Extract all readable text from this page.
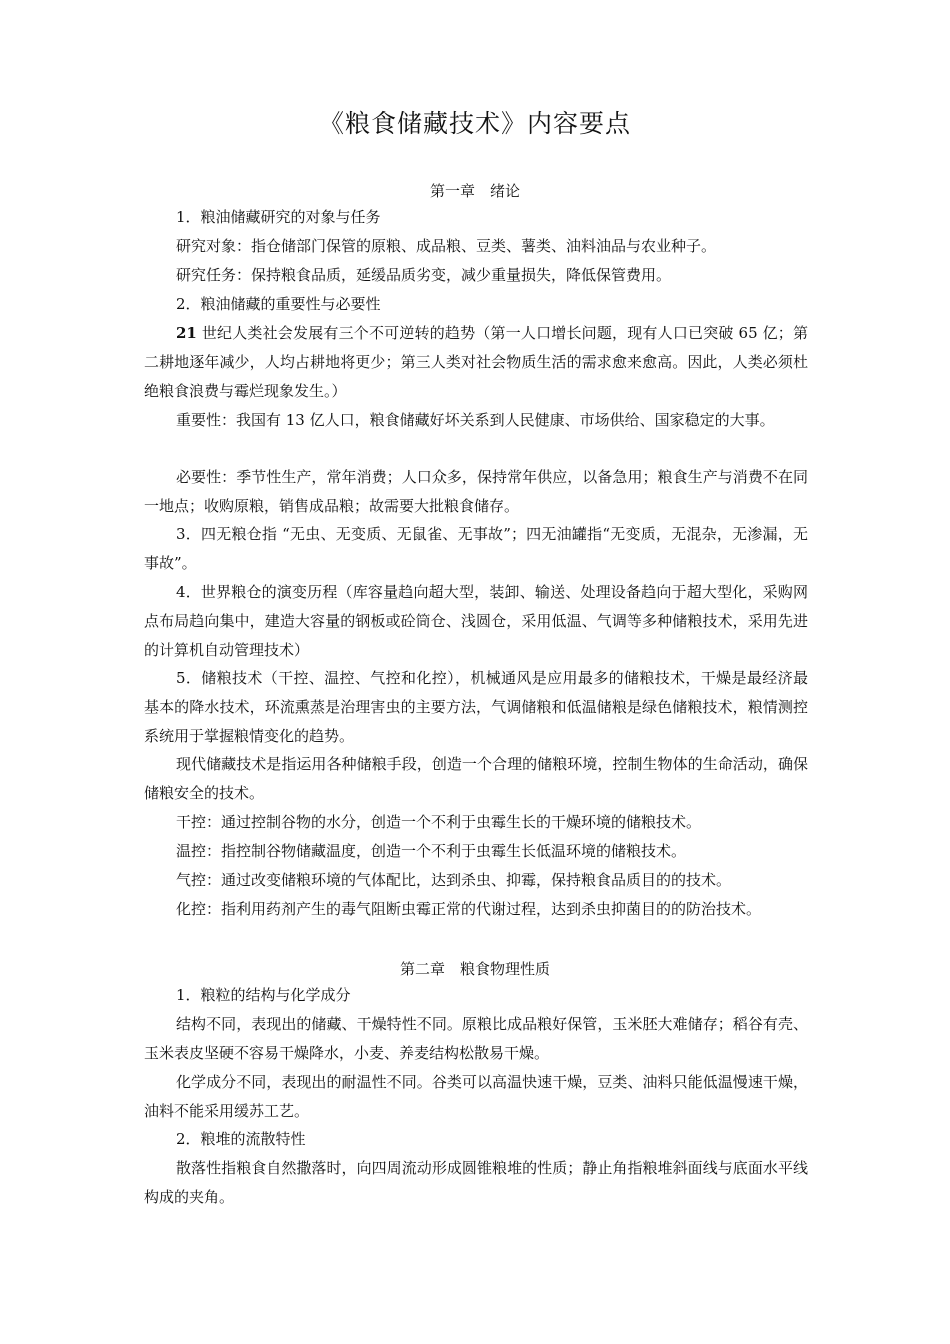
《粮食储藏技术》内容要点
第一章　绪论
1．粮油储藏研究的对象与任务
研究对象：指仓储部门保管的原粮、成品粮、豆类、薯类、油料油品与农业种子。
研究任务：保持粮食品质，延缓品质劣变，减少重量损失，降低保管费用。
2．粮油储藏的重要性与必要性
21 世纪人类社会发展有三个不可逆转的趋势（第一人口增长问题，现有人口已突破 65 亿；第二耕地逐年减少，人均占耕地将更少；第三人类对社会物质生活的需求愈来愈高。因此，人类必须杜绝粮食浪费与霉烂现象发生。）
重要性：我国有 13 亿人口，粮食储藏好坏关系到人民健康、市场供给、国家稳定的大事。
必要性：季节性生产，常年消费；人口众多，保持常年供应，以备急用；粮食生产与消费不在同一地点；收购原粮，销售成品粮；故需要大批粮食储存。
3．四无粮仓指 “无虫、无变质、无鼠雀、无事故”；四无油罐指“无变质，无混杂，无渗漏，无事故”。
4．世界粮仓的演变历程（库容量趋向超大型，装卸、输送、处理设备趋向于超大型化，采购网点布局趋向集中，建造大容量的钢板或砼筒仓、浅圆仓，采用低温、气调等多种储粮技术，采用先进的计算机自动管理技术）
5．储粮技术（干控、温控、气控和化控），机械通风是应用最多的储粮技术，干燥是最经济最基本的降水技术，环流熏蒸是治理害虫的主要方法，气调储粮和低温储粮是绿色储粮技术，粮情测控系统用于掌握粮情变化的趋势。
现代储藏技术是指运用各种储粮手段，创造一个合理的储粮环境，控制生物体的生命活动，确保储粮安全的技术。
干控：通过控制谷物的水分，创造一个不利于虫霉生长的干燥环境的储粮技术。
温控：指控制谷物储藏温度，创造一个不利于虫霉生长低温环境的储粮技术。
气控：通过改变储粮环境的气体配比，达到杀虫、抑霉，保持粮食品质目的的技术。
化控：指利用药剂产生的毒气阻断虫霉正常的代谢过程，达到杀虫抑菌目的的防治技术。
第二章　粮食物理性质
1．粮粒的结构与化学成分
结构不同，表现出的储藏、干燥特性不同。原粮比成品粮好保管，玉米胚大难储存；稻谷有壳、玉米表皮坚硬不容易干燥降水，小麦、养麦结构松散易干燥。
化学成分不同，表现出的耐温性不同。谷类可以高温快速干燥，豆类、油料只能低温慢速干燥，油料不能采用缓苏工艺。
2．粮堆的流散特性
散落性指粮食自然撒落时，向四周流动形成圆锥粮堆的性质；静止角指粮堆斜面线与底面水平线构成的夹角。
